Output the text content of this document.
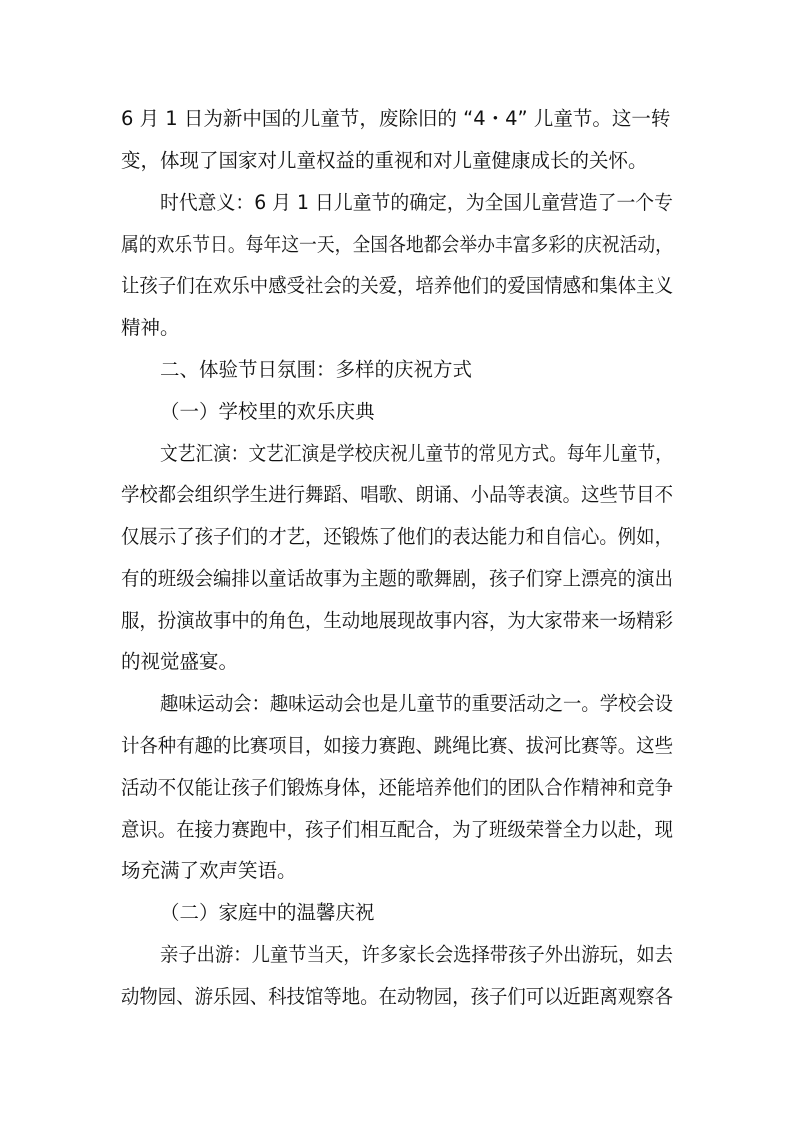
6 月 1 日为新中国的儿童节，废除旧的 “4・4” 儿童节。这一转
变，体现了国家对儿童权益的重视和对儿童健康成长的关怀。
时代意义：6 月 1 日儿童节的确定，为全国儿童营造了一个专
属的欢乐节日。每年这一天，全国各地都会举办丰富多彩的庆祝活动，
让孩子们在欢乐中感受社会的关爱，培养他们的爱国情感和集体主义
精神。
二、体验节日氛围：多样的庆祝方式
（一）学校里的欢乐庆典
文艺汇演：文艺汇演是学校庆祝儿童节的常见方式。每年儿童节，
学校都会组织学生进行舞蹈、唱歌、朗诵、小品等表演。这些节目不
仅展示了孩子们的才艺，还锻炼了他们的表达能力和自信心。例如，
有的班级会编排以童话故事为主题的歌舞剧，孩子们穿上漂亮的演出
服，扮演故事中的角色，生动地展现故事内容，为大家带来一场精彩
的视觉盛宴。
趣味运动会：趣味运动会也是儿童节的重要活动之一。学校会设
计各种有趣的比赛项目，如接力赛跑、跳绳比赛、拔河比赛等。这些
活动不仅能让孩子们锻炼身体，还能培养他们的团队合作精神和竞争
意识。在接力赛跑中，孩子们相互配合，为了班级荣誉全力以赴，现
场充满了欢声笑语。
（二）家庭中的温馨庆祝
亲子出游：儿童节当天，许多家长会选择带孩子外出游玩，如去
动物园、游乐园、科技馆等地。在动物园，孩子们可以近距离观察各
